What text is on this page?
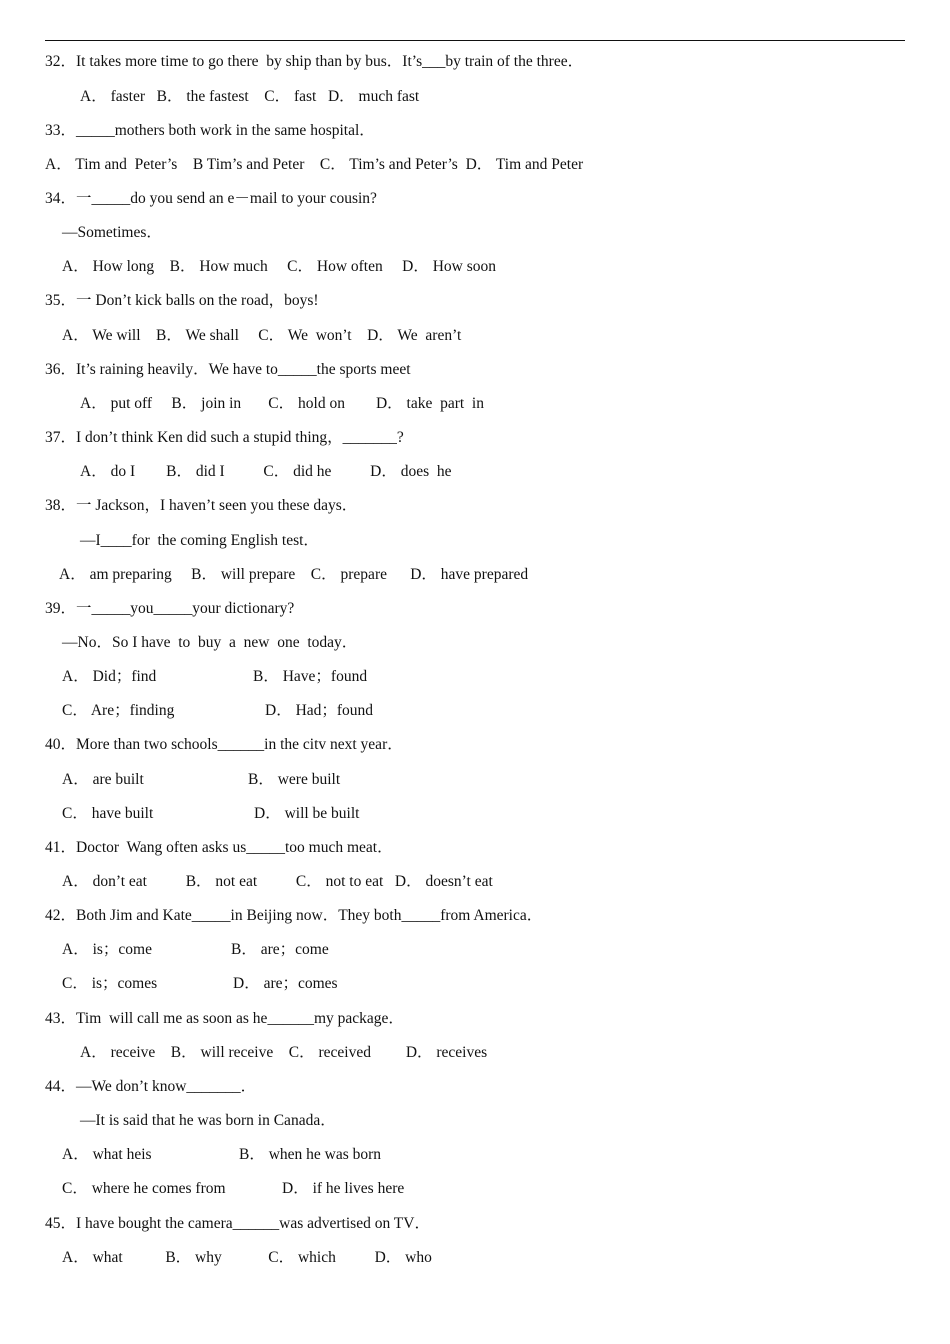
32．It takes more time to go there  by ship than by bus．It’s___by train of the three．
A． faster   B． the fastest    C． fast   D． much fast
33．_____mothers both work in the same hospital．
A． Tim and  Peter’s    B Tim’s and Peter    C． Tim’s and Peter’s  D． Tim and Peter
34．一_____do you send an e－mail to your cousin?
—Sometimes．
A． How long    B． How much     C． How often     D． How soon
35．一 Don’t kick balls on the road，boys!
A． We will    B． We shall     C． We  won’t    D． We  aren’t
36．It’s raining heavily．We have to_____the sports meet
A． put off     B． join in       C． hold on        D． take  part  in
37．I don’t think Ken did such a stupid thing，_______?
A． do I        B． did I          C． did he          D． does  he
38．一 Jackson，I haven’t seen you these days．
—I____for  the coming English test．
A． am preparing     B． will prepare    C． prepare      D． have prepared
39．一_____you_____your dictionary?
—No．So I have  to  buy  a  new  one  today．
A． Did；find	B． Have；found
C． Are；finding	D． Had；found
40．More than two schools______in the citv next year．
A． are built	B． were built
C． have built	D． will be built
41．Doctor  Wang often asks us_____too much meat．
A． don’t eat          B． not eat          C． not to eat   D． doesn’t eat
42．Both Jim and Kate_____in Beijing now．They both_____from America．
A． is；come	B． are；come
C． is；comes	D． are；comes
43．Tim  will call me as soon as he______my package．
A． receive    B． will receive    C． received         D． receives
44．—We don’t know_______．
—It is said that he was born in Canada．
A． what heis	B． when he was born
C． where he comes from	D． if he lives here
45．I have bought the camera______was advertised on TV．
A． what           B． why            C． which          D． who
